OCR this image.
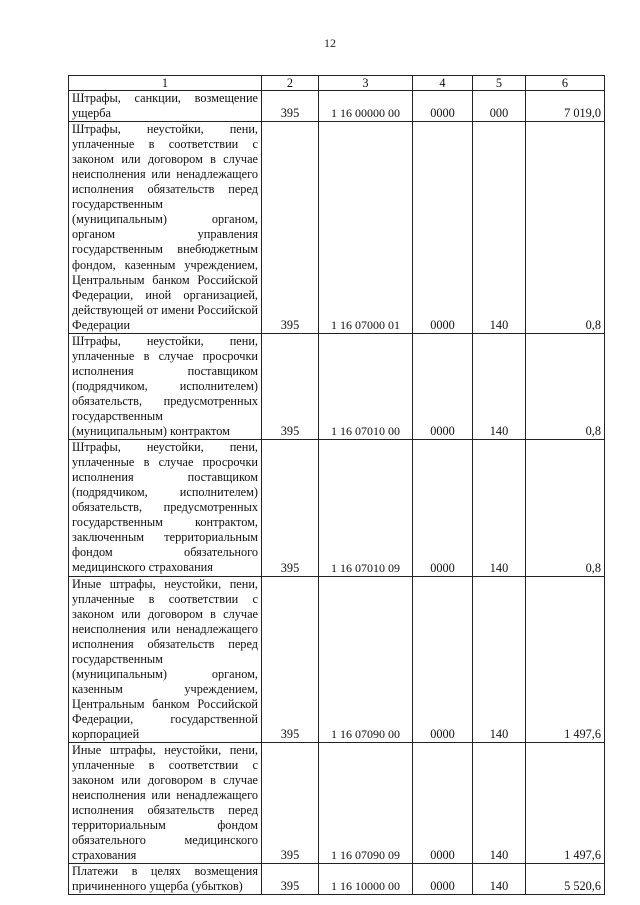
12
1	2	3	4	5	6
Штрафы, санкции, возмещение ущерба	395	1 16 00000 00	0000	000	7 019,0
Штрафы, неустойки, пени, уплаченные в соответствии с законом или договором в случае неисполнения или ненадлежащего исполнения обязательств перед государственным (муниципальным) органом, органом управления государственным внебюджетным фондом, казенным учреждением, Центральным банком Российской Федерации, иной организацией, действующей от имени Российской Федерации	395	1 16 07000 01	0000	140	0,8
Штрафы, неустойки, пени, уплаченные в случае просрочки исполнения поставщиком (подрядчиком, исполнителем) обязательств, предусмотренных государственным (муниципальным) контрактом	395	1 16 07010 00	0000	140	0,8
Штрафы, неустойки, пени, уплаченные в случае просрочки исполнения поставщиком (подрядчиком, исполнителем) обязательств, предусмотренных государственным контрактом, заключенным территориальным фондом обязательного медицинского страхования	395	1 16 07010 09	0000	140	0,8
Иные штрафы, неустойки, пени, уплаченные в соответствии с законом или договором в случае неисполнения или ненадлежащего исполнения обязательств перед государственным (муниципальным) органом, казенным учреждением, Центральным банком Российской Федерации, государственной корпорацией	395	1 16 07090 00	0000	140	1 497,6
Иные штрафы, неустойки, пени, уплаченные в соответствии с законом или договором в случае неисполнения или ненадлежащего исполнения обязательств перед территориальным фондом обязательного медицинского страхования	395	1 16 07090 09	0000	140	1 497,6
Платежи в целях возмещения причиненного ущерба (убытков)	395	1 16 10000 00	0000	140	5 520,6
